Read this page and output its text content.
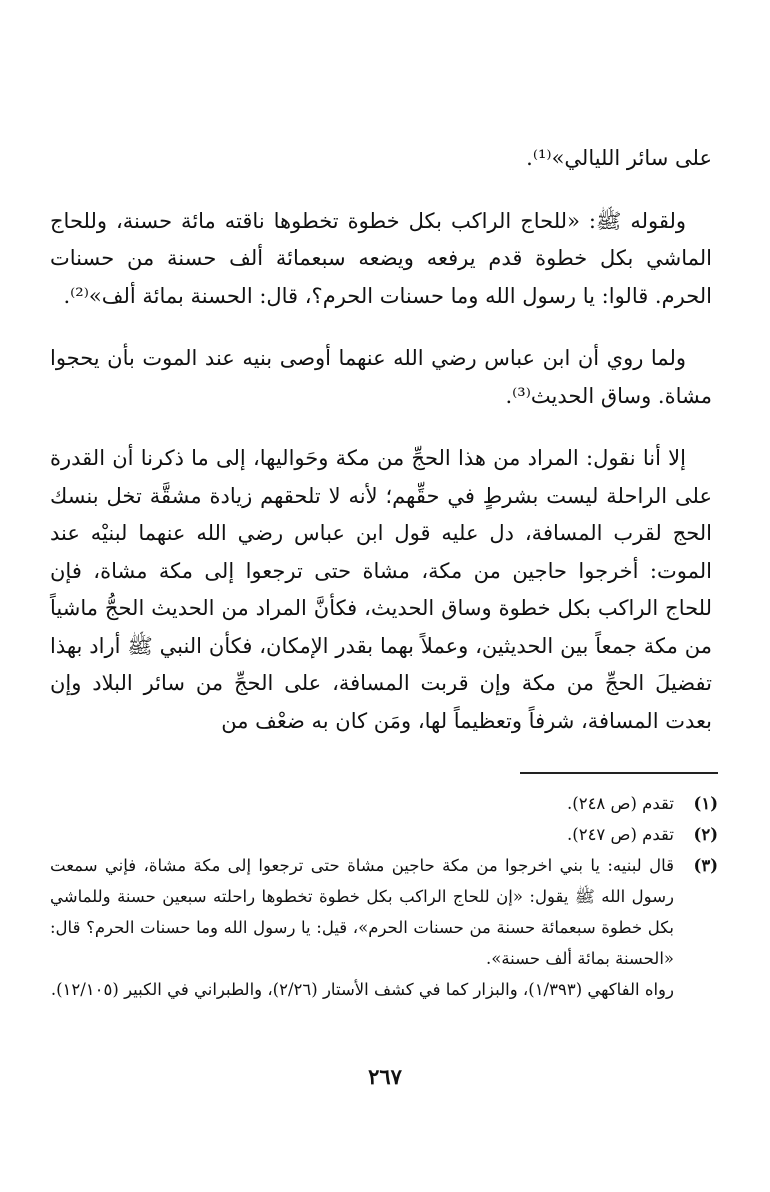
على سائر الليالي»⁽¹⁾.

ولقوله ﷺ: «للحاج الراكب بكل خطوة تخطوها ناقته مائة حسنة، وللحاج الماشي بكل خطوة قدم يرفعه ويضعه سبعمائة ألف حسنة من حسنات الحرم. قالوا: يا رسول الله وما حسنات الحرم؟، قال: الحسنة بمائة ألف»⁽²⁾.

ولما روي أن ابن عباس رضي الله عنهما أوصى بنيه عند الموت بأن يحجوا مشاة. وساق الحديث⁽³⁾.

إلا أنا نقول: المراد من هذا الحجِّ من مكة وحَواليها، إلى ما ذكرنا أن القدرة على الراحلة ليست بشرطٍ في حقِّهم؛ لأنه لا تلحقهم زيادة مشقَّة تخل بنسك الحج لقرب المسافة، دل عليه قول ابن عباس رضي الله عنهما لبنيْه عند الموت: أخرجوا حاجين من مكة، مشاة حتى ترجعوا إلى مكة مشاة، فإن للحاج الراكب بكل خطوة وساق الحديث، فكأنَّ المراد من الحديث الحجُّ ماشياً من مكة جمعاً بين الحديثين، وعملاً بهما بقدر الإمكان، فكأن النبي ﷺ أراد بهذا تفضيلَ الحجِّ من مكة وإن قربت المسافة، على الحجِّ من سائر البلاد وإن بعدت المسافة، شرفاً وتعظيماً لها، ومَن كان به ضعْف من

(١)
تقدم (ص ٢٤٨).
(٢)
تقدم (ص ٢٤٧).
(٣)
قال لبنيه: يا بني اخرجوا من مكة حاجين مشاة حتى ترجعوا إلى مكة مشاة، فإني سمعت رسول الله ﷺ يقول: «إن للحاج الراكب بكل خطوة تخطوها راحلته سبعين حسنة وللماشي بكل خطوة سبعمائة حسنة من حسنات الحرم»، قيل: يا رسول الله وما حسنات الحرم؟ قال: «الحسنة بمائة ألف حسنة».
رواه الفاكهي (١/٣٩٣)، والبزار كما في كشف الأستار (٢/٢٦)، والطبراني في الكبير (١٢/١٠٥).
٢٦٧
